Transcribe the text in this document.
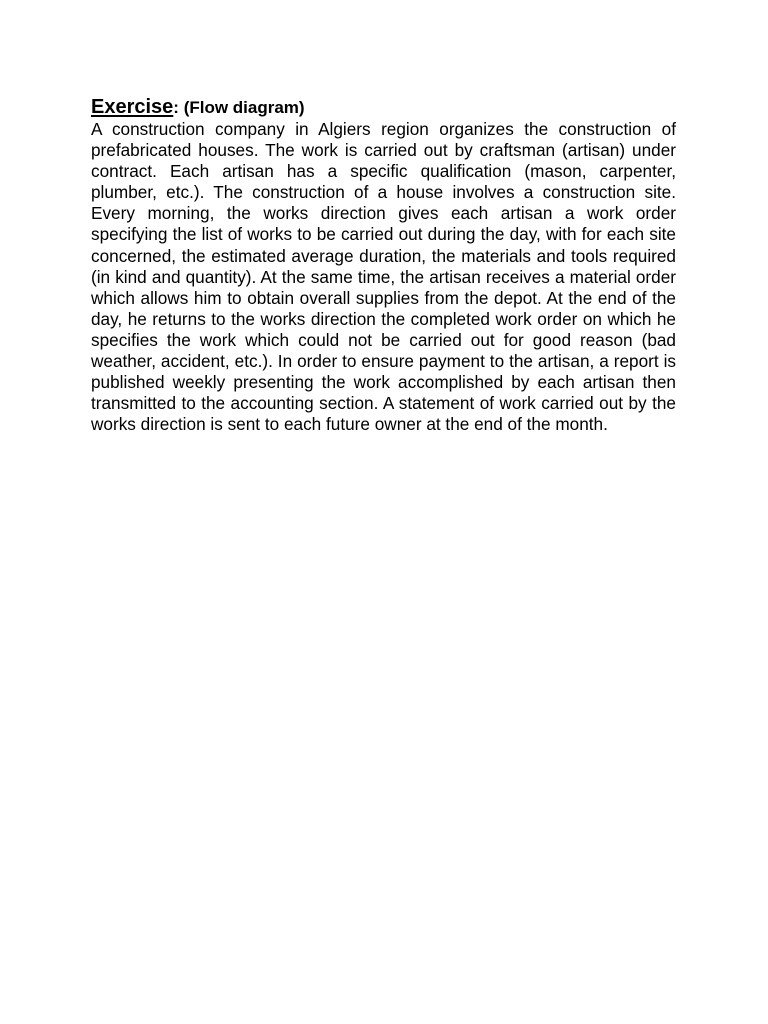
Exercise: (Flow diagram)

A construction company in Algiers region organizes the construction of prefabricated houses. The work is carried out by craftsman (artisan) under contract. Each artisan has a specific qualification (mason, carpenter, plumber, etc.). The construction of a house involves a construction site. Every morning, the works direction gives each artisan a work order specifying the list of works to be carried out during the day, with for each site concerned, the estimated average duration, the materials and tools required (in kind and quantity). At the same time, the artisan receives a material order which allows him to obtain overall supplies from the depot. At the end of the day, he returns to the works direction the completed work order on which he specifies the work which could not be carried out for good reason (bad weather, accident, etc.). In order to ensure payment to the artisan, a report is published weekly presenting the work accomplished by each artisan then transmitted to the accounting section. A statement of work carried out by the works direction is sent to each future owner at the end of the month.
